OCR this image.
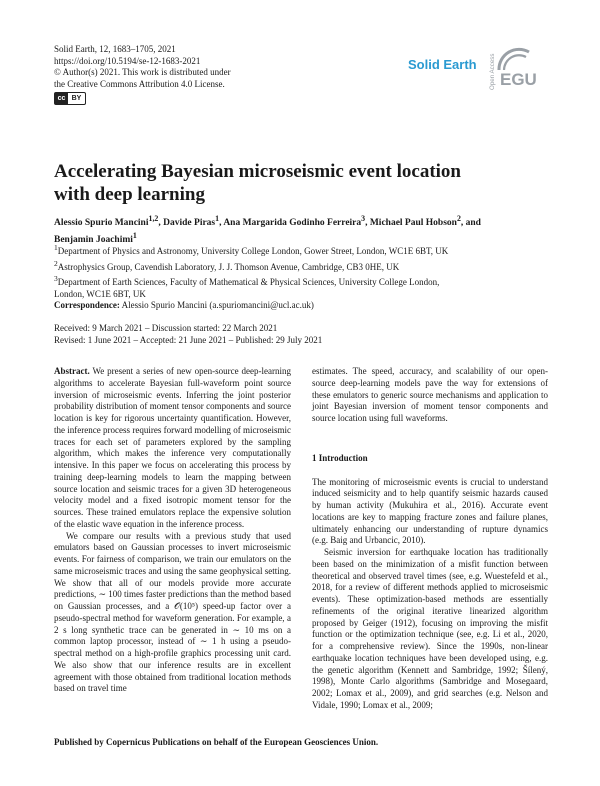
Solid Earth, 12, 1683–1705, 2021
https://doi.org/10.5194/se-12-1683-2021
© Author(s) 2021. This work is distributed under
the Creative Commons Attribution 4.0 License.
cc BY
Solid Earth Open Access EGU
Accelerating Bayesian microseismic event location
with deep learning
Alessio Spurio Mancini$^{1,2}$, Davide Piras$^1$, Ana Margarida Godinho Ferreira$^3$, Michael Paul Hobson$^2$, and
Benjamin Joachimi$^1$
$^1$Department of Physics and Astronomy, University College London, Gower Street, London, WC1E 6BT, UK
$^2$Astrophysics Group, Cavendish Laboratory, J. J. Thomson Avenue, Cambridge, CB3 0HE, UK
$^3$Department of Earth Sciences, Faculty of Mathematical & Physical Sciences, University College London,
London, WC1E 6BT, UK
Correspondence: Alessio Spurio Mancini (a.spuriomancini@ucl.ac.uk)
Received: 9 March 2021 – Discussion started: 22 March 2021
Revised: 1 June 2021 – Accepted: 21 June 2021 – Published: 29 July 2021

Abstract. We present a series of new open-source deep-learning algorithms to accelerate Bayesian full-waveform point source inversion of microseismic events. Inferring the joint posterior probability distribution of moment tensor components and source location is key for rigorous uncertainty quantification. However, the inference process requires forward modelling of microseismic traces for each set of parameters explored by the sampling algorithm, which makes the inference very computationally intensive. In this paper we focus on accelerating this process by training deep-learning models to learn the mapping between source location and seismic traces for a given 3D heterogeneous velocity model and a fixed isotropic moment tensor for the sources. These trained emulators replace the expensive solution of the elastic wave equation in the inference process.

We compare our results with a previous study that used emulators based on Gaussian processes to invert microseismic events. For fairness of comparison, we train our emulators on the same microseismic traces and using the same geophysical setting. We show that all of our models provide more accurate predictions, ∼ 100 times faster predictions than the method based on Gaussian processes, and a 𝒪(10⁵) speed-up factor over a pseudo-spectral method for waveform generation. For example, a 2 s long synthetic trace can be generated in ∼ 10 ms on a common laptop processor, instead of ∼ 1 h using a pseudo-spectral method on a high-profile graphics processing unit card. We also show that our inference results are in excellent agreement with those obtained from traditional location methods based on travel time

estimates. The speed, accuracy, and scalability of our open-source deep-learning models pave the way for extensions of these emulators to generic source mechanisms and application to joint Bayesian inversion of moment tensor components and source location using full waveforms.

1 Introduction

The monitoring of microseismic events is crucial to understand induced seismicity and to help quantify seismic hazards caused by human activity (Mukuhira et al., 2016). Accurate event locations are key to mapping fracture zones and failure planes, ultimately enhancing our understanding of rupture dynamics (e.g. Baig and Urbancic, 2010).

Seismic inversion for earthquake location has traditionally been based on the minimization of a misfit function between theoretical and observed travel times (see, e.g. Wuestefeld et al., 2018, for a review of different methods applied to microseismic events). These optimization-based methods are essentially refinements of the original iterative linearized algorithm proposed by Geiger (1912), focusing on improving the misfit function or the optimization technique (see, e.g. Li et al., 2020, for a comprehensive review). Since the 1990s, non-linear earthquake location techniques have been developed using, e.g. the genetic algorithm (Kennett and Sambridge, 1992; Šílený, 1998), Monte Carlo algorithms (Sambridge and Mosegaard, 2002; Lomax et al., 2009), and grid searches (e.g. Nelson and Vidale, 1990; Lomax et al., 2009;

Published by Copernicus Publications on behalf of the European Geosciences Union.
